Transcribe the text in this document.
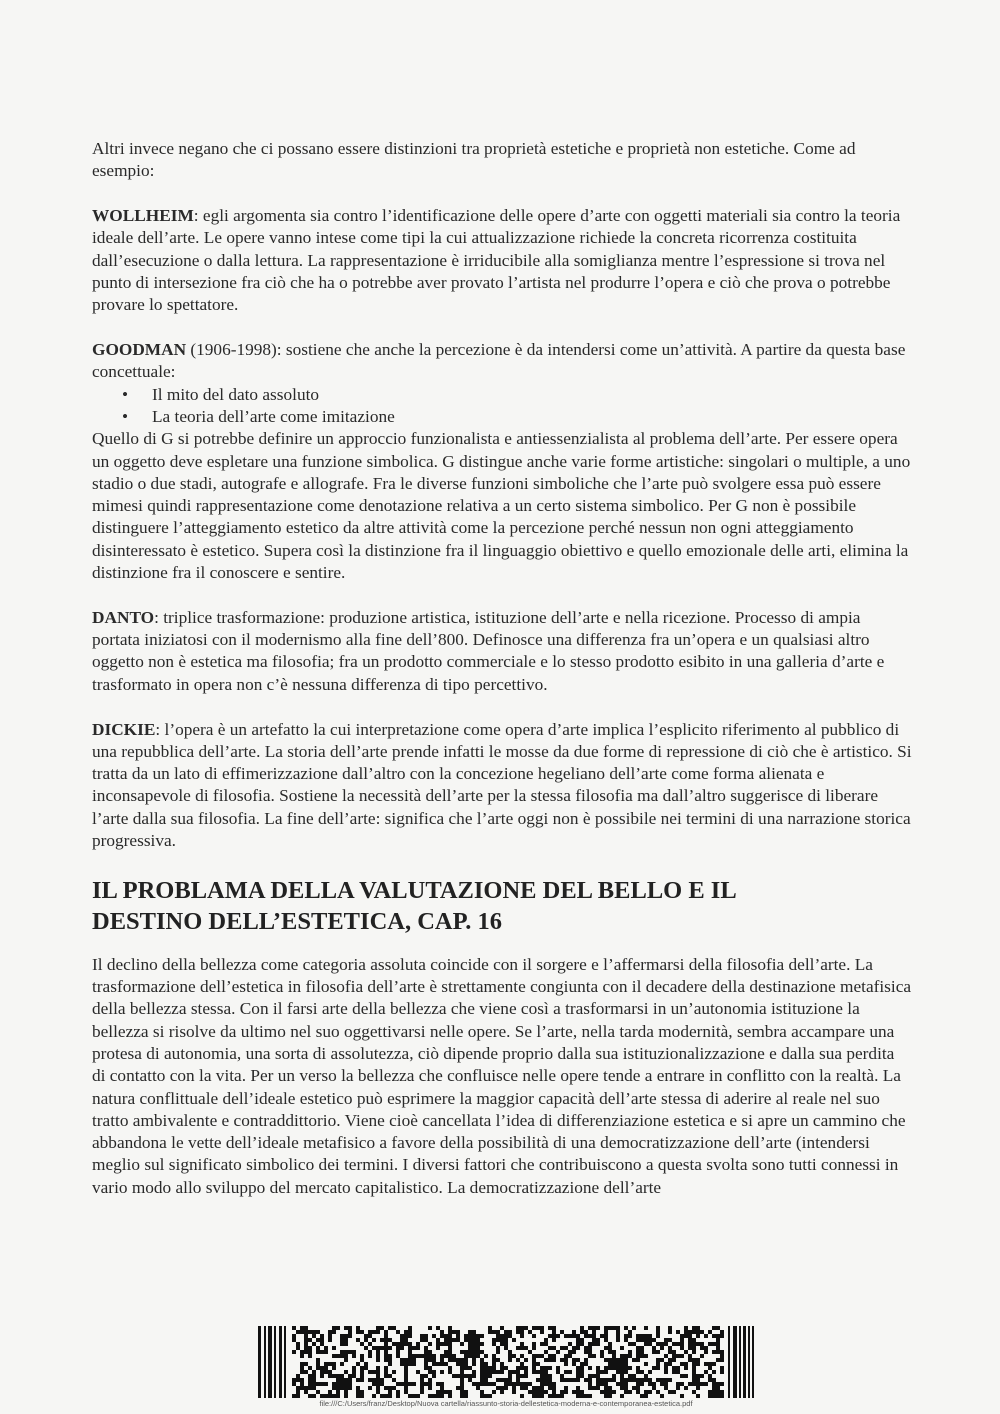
Altri invece negano che ci possano essere distinzioni tra proprietà estetiche e proprietà non estetiche. Come ad esempio:

WOLLHEIM: egli argomenta sia contro l’identificazione delle opere d’arte con oggetti materiali sia contro la teoria ideale dell’arte. Le opere vanno intese come tipi la cui attualizzazione richiede la concreta ricorrenza costituita dall’esecuzione o dalla lettura. La rappresentazione è irriducibile alla somiglianza mentre l’espressione si trova nel punto di intersezione fra ciò che ha o potrebbe aver provato l’artista nel produrre l’opera e ciò che prova o potrebbe provare lo spettatore.

GOODMAN (1906-1998): sostiene che anche la percezione è da intendersi come un’attività. A partire da questa base concettuale:

• Il mito del dato assoluto
• La teoria dell’arte come imitazione

Quello di G si potrebbe definire un approccio funzionalista e antiessenzialista al problema dell’arte. Per essere opera un oggetto deve espletare una funzione simbolica. G distingue anche varie forme artistiche: singolari o multiple, a uno stadio o due stadi, autografe e allografe. Fra le diverse funzioni simboliche che l’arte può svolgere essa può essere mimesi quindi rappresentazione come denotazione relativa a un certo sistema simbolico. Per G non è possibile distinguere l’atteggiamento estetico da altre attività come la percezione perché nessun non ogni atteggiamento disinteressato è estetico. Supera così la distinzione fra il linguaggio obiettivo e quello emozionale delle arti, elimina la distinzione fra il conoscere e sentire.

DANTO: triplice trasformazione: produzione artistica, istituzione dell’arte e nella ricezione. Processo di ampia portata iniziatosi con il modernismo alla fine dell’800. Definosce una differenza fra un’opera e un qualsiasi altro oggetto non è estetica ma filosofia; fra un prodotto commerciale e lo stesso prodotto esibito in una galleria d’arte e trasformato in opera non c’è nessuna differenza di tipo percettivo.

DICKIE: l’opera è un artefatto la cui interpretazione come opera d’arte implica l’esplicito riferimento al pubblico di una repubblica dell’arte. La storia dell’arte prende infatti le mosse da due forme di repressione di ciò che è artistico. Si tratta da un lato di effimerizzazione dall’altro con la concezione hegeliano dell’arte come forma alienata e inconsapevole di filosofia. Sostiene la necessità dell’arte per la stessa filosofia ma dall’altro suggerisce di liberare l’arte dalla sua filosofia. La fine dell’arte: significa che l’arte oggi non è possibile nei termini di una narrazione storica progressiva.

IL PROBLAMA DELLA VALUTAZIONE DEL BELLO E IL
DESTINO DELL’ESTETICA, CAP. 16

Il declino della bellezza come categoria assoluta coincide con il sorgere e l’affermarsi della filosofia dell’arte. La trasformazione dell’estetica in filosofia dell’arte è strettamente congiunta con il decadere della destinazione metafisica della bellezza stessa. Con il farsi arte della bellezza che viene così a trasformarsi in un’autonomia istituzione la bellezza si risolve da ultimo nel suo oggettivarsi nelle opere. Se l’arte, nella tarda modernità, sembra accampare una protesa di autonomia, una sorta di assolutezza, ciò dipende proprio dalla sua istituzionalizzazione e dalla sua perdita di contatto con la vita. Per un verso la bellezza che confluisce nelle opere tende a entrare in conflitto con la realtà. La natura conflittuale dell’ideale estetico può esprimere la maggior capacità dell’arte stessa di aderire al reale nel suo tratto ambivalente e contraddittorio. Viene cioè cancellata l’idea di differenziazione estetica e si apre un cammino che abbandona le vette dell’ideale metafisico a favore della possibilità di una democratizzazione dell’arte (intendersi meglio sul significato simbolico dei termini. I diversi fattori che contribuiscono a questa svolta sono tutti connessi in vario modo allo sviluppo del mercato capitalistico. La democratizzazione dell’arte

file:///C:/Users/franz/Desktop/Nuova cartella/riassunto-storia-dellestetica-moderna-e-contemporanea-estetica.pdf
